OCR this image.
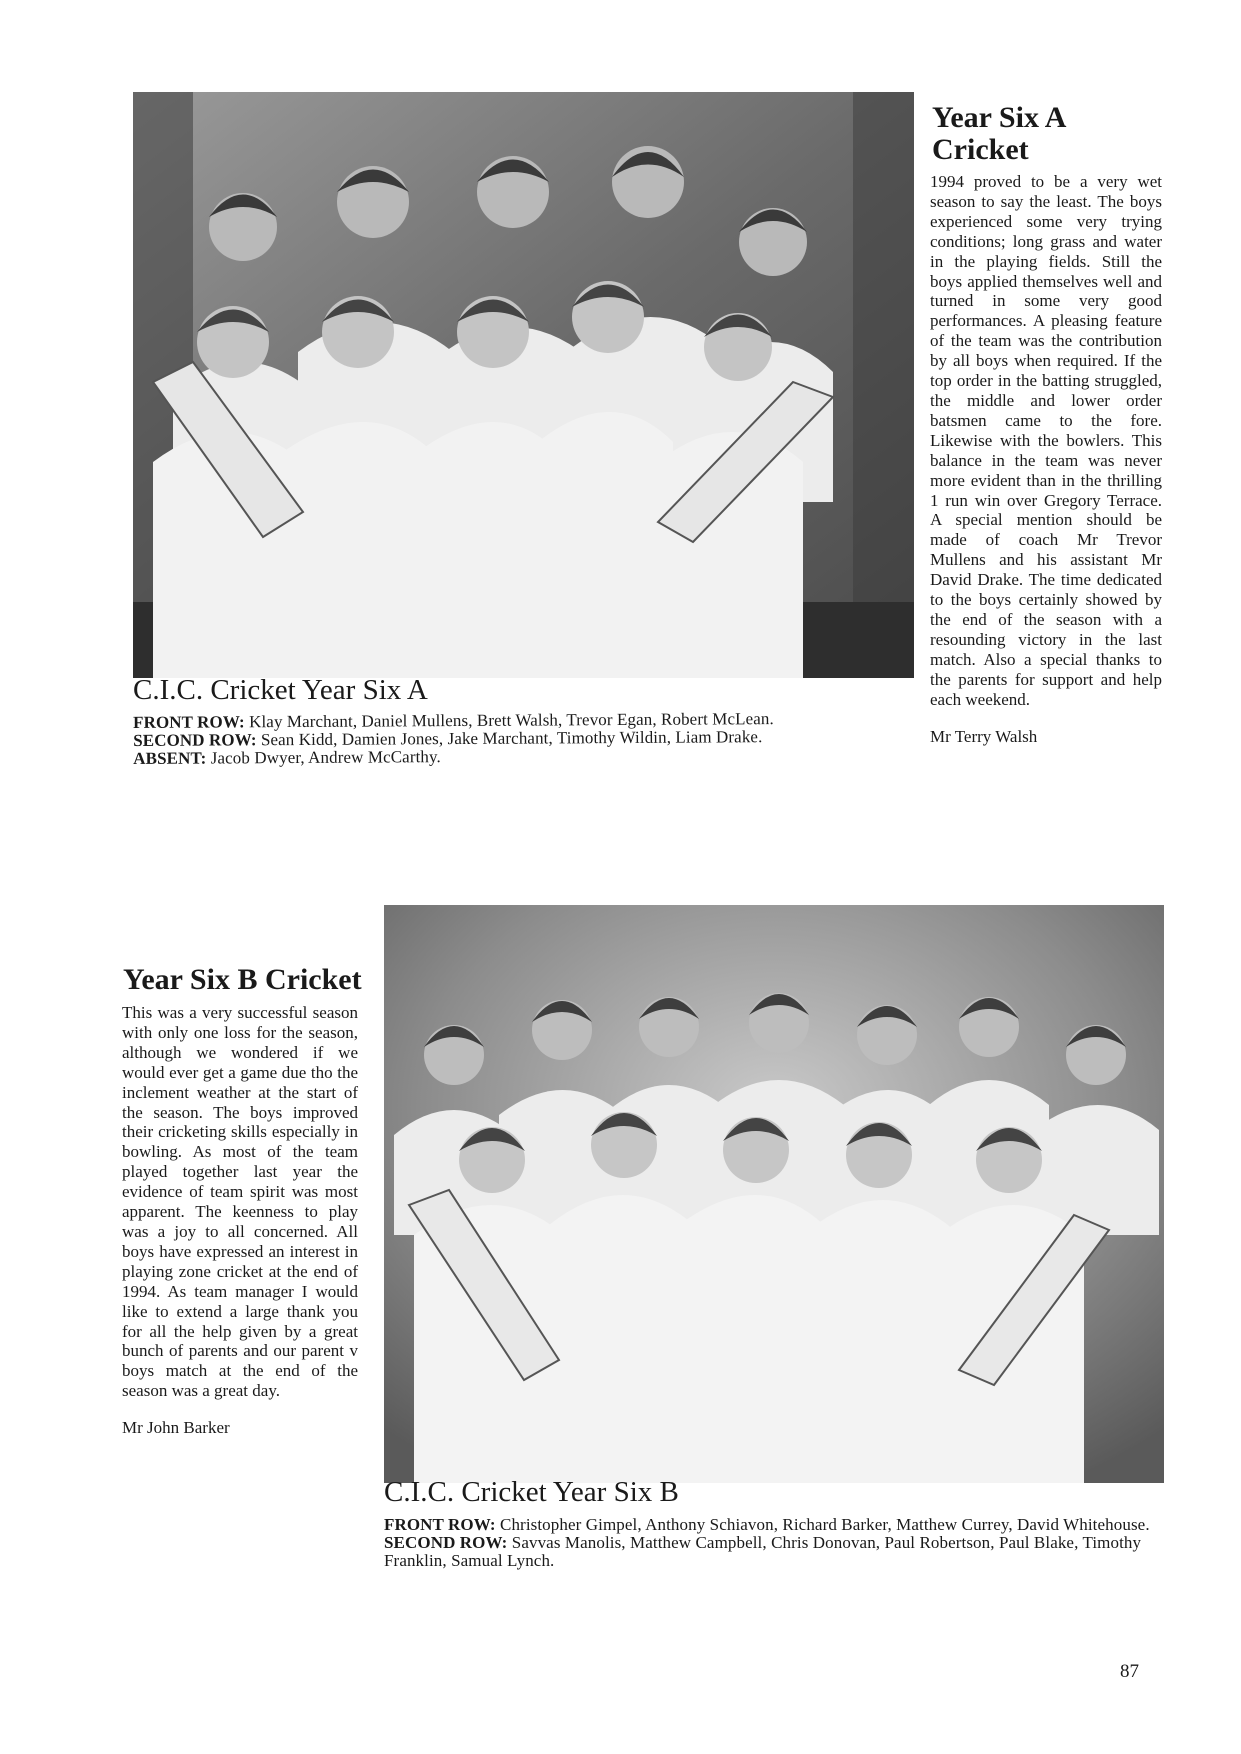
C.I.C. Cricket Year Six A
FRONT ROW: Klay Marchant, Daniel Mullens, Brett Walsh, Trevor Egan, Robert McLean.
SECOND ROW: Sean Kidd, Damien Jones, Jake Marchant, Timothy Wildin, Liam Drake.
ABSENT: Jacob Dwyer, Andrew McCarthy.
Year Six A Cricket

1994 proved to be a very wet season to say the least. The boys experienced some very trying conditions; long grass and water in the playing fields. Still the boys applied themselves well and turned in some very good performances. A pleasing feature of the team was the contribution by all boys when required. If the top order in the batting struggled, the middle and lower order batsmen came to the fore. Likewise with the bowlers. This balance in the team was never more evident than in the thrilling 1 run win over Gregory Terrace. A special mention should be made of coach Mr Trevor Mullens and his assistant Mr David Drake. The time dedicated to the boys certainly showed by the end of the season with a resounding victory in the last match. Also a special thanks to the parents for support and help each weekend.

Mr Terry Walsh

Year Six B Cricket

This was a very successful season with only one loss for the season, although we wondered if we would ever get a game due tho the inclement weather at the start of the season. The boys improved their cricketing skills especially in bowling. As most of the team played together last year the evidence of team spirit was most apparent. The keenness to play was a joy to all concerned. All boys have expressed an interest in playing zone cricket at the end of 1994. As team manager I would like to extend a large thank you for all the help given by a great bunch of parents and our parent v boys match at the end of the season was a great day.

Mr John Barker

C.I.C. Cricket Year Six B
FRONT ROW: Christopher Gimpel, Anthony Schiavon, Richard Barker, Matthew Currey, David Whitehouse.
SECOND ROW: Savvas Manolis, Matthew Campbell, Chris Donovan, Paul Robertson, Paul Blake, Timothy Franklin, Samual Lynch.
87
